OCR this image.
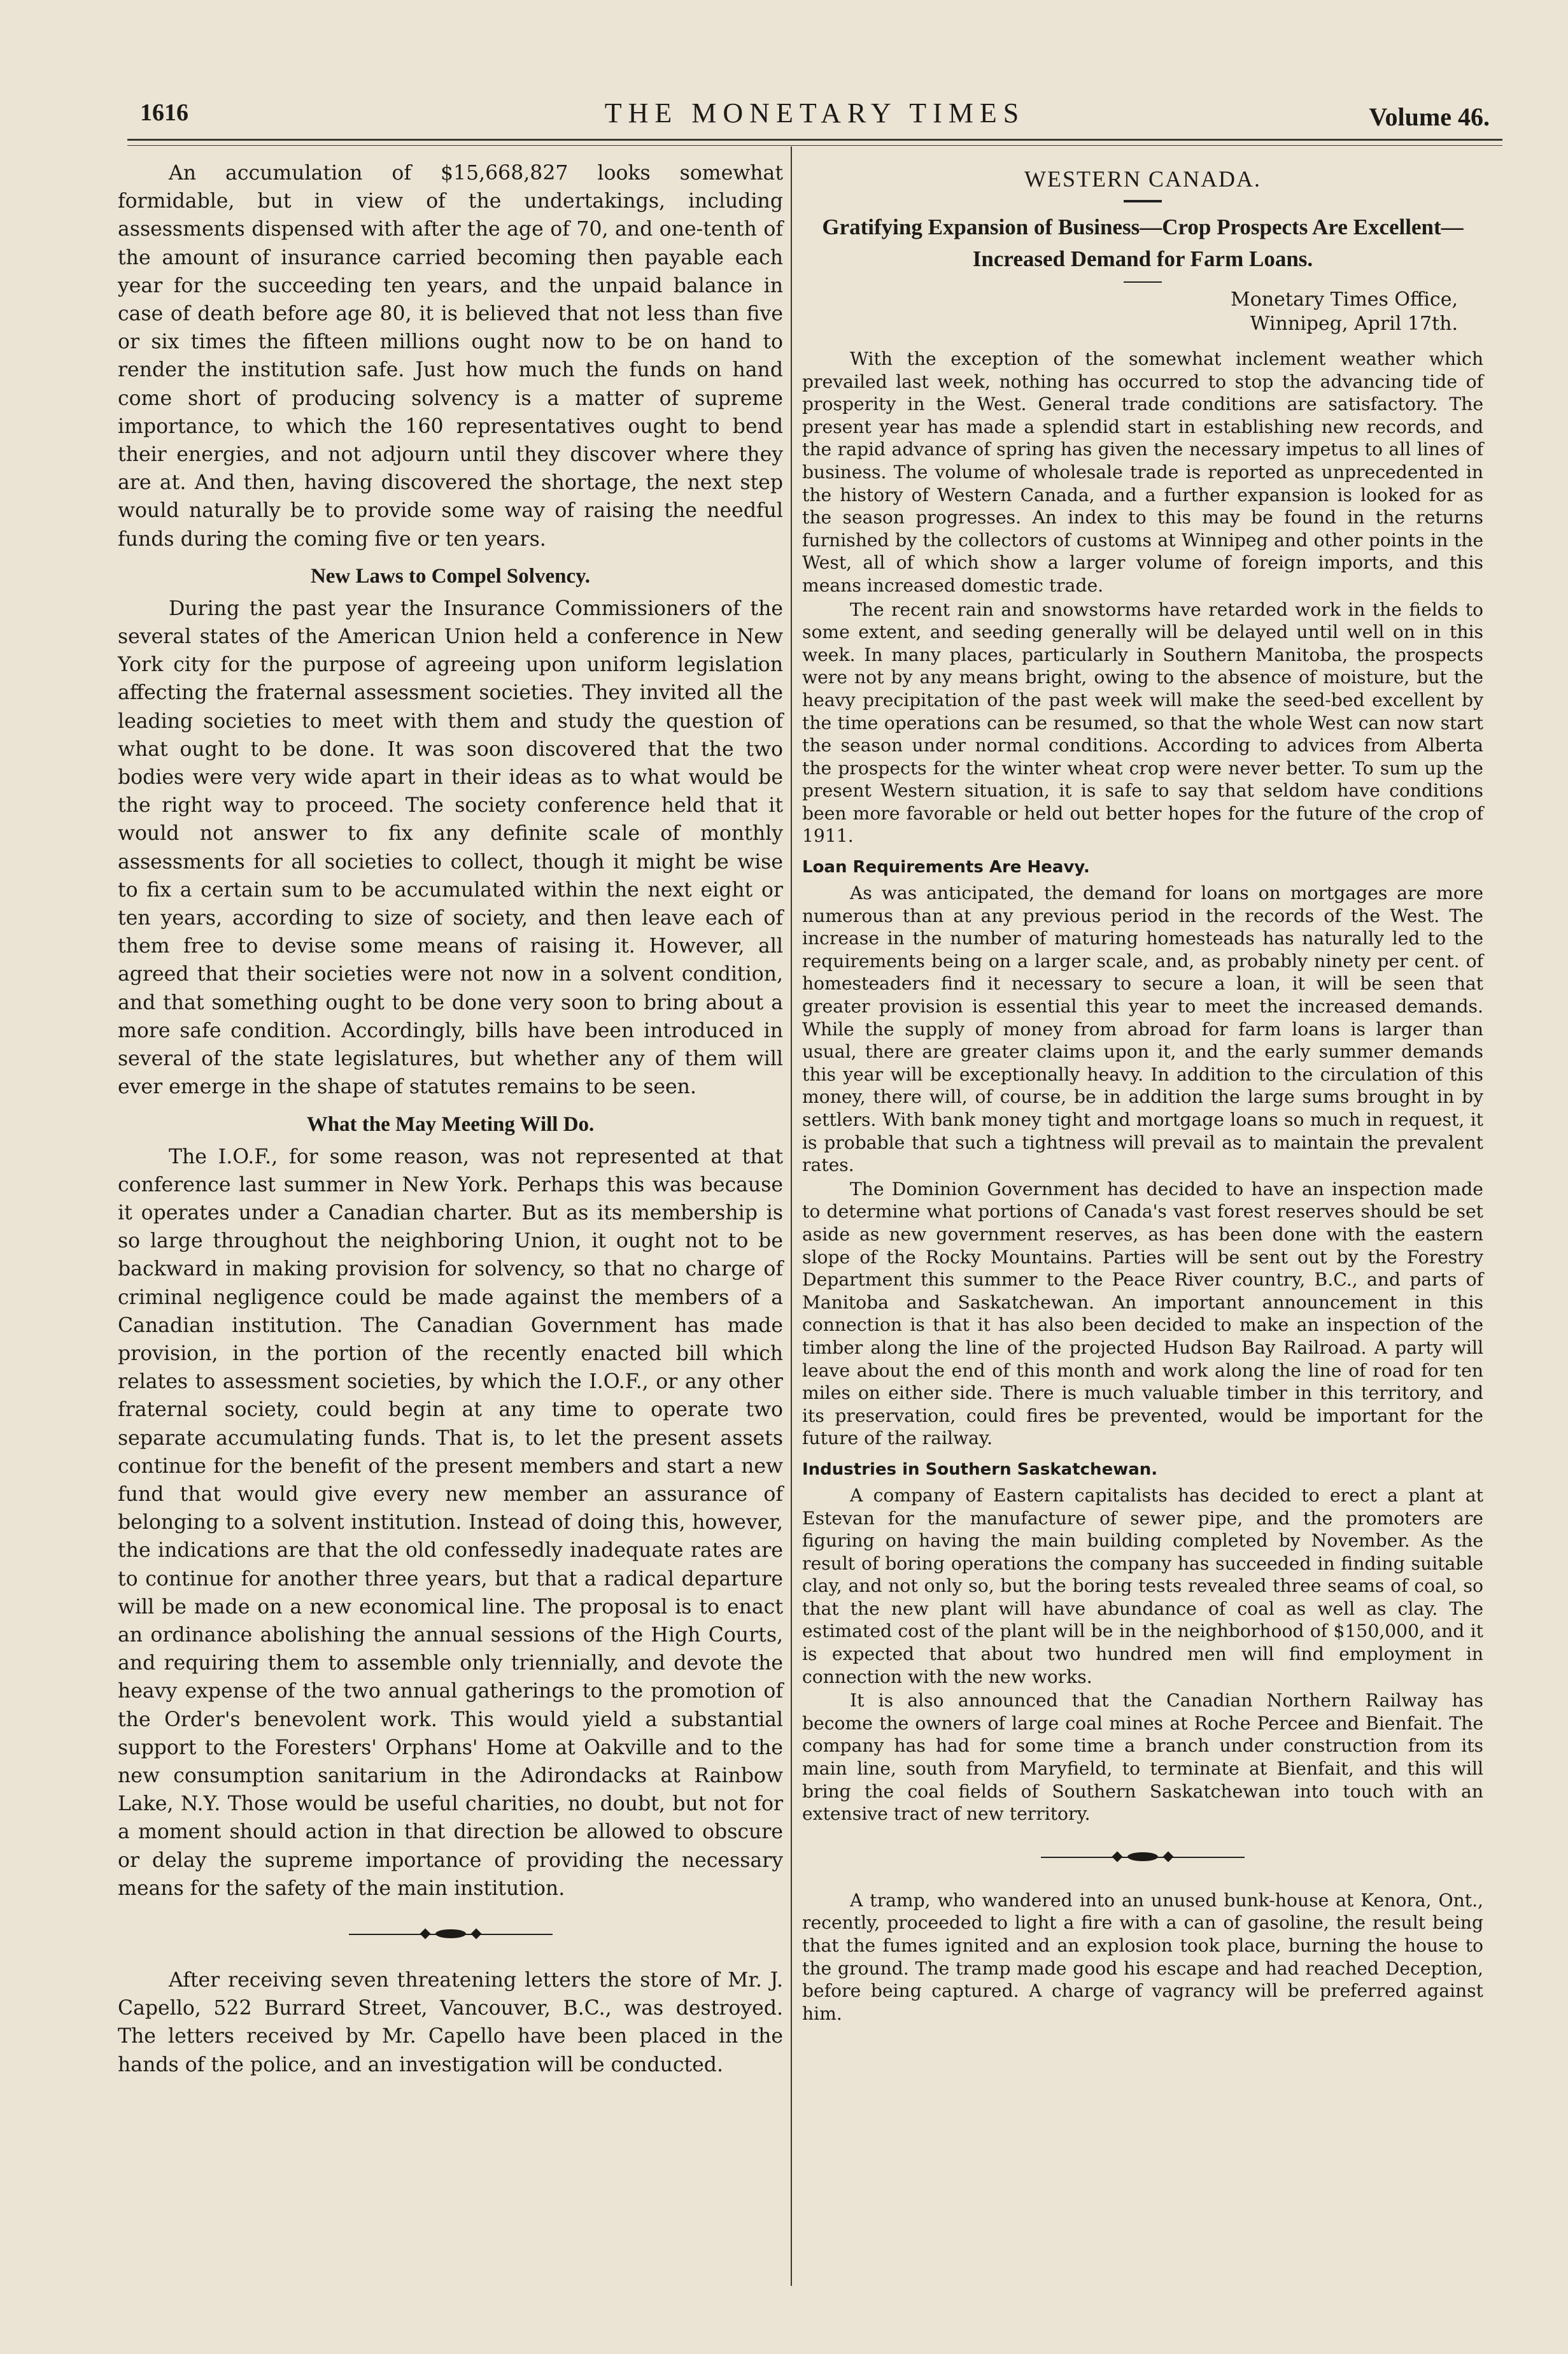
1616	THE MONETARY TIMES	Volume 46.

An accumulation of $15,668,827 looks somewhat formidable, but in view of the undertakings, including assessments dispensed with after the age of 70, and one-tenth of the amount of insurance carried becoming then payable each year for the succeeding ten years, and the unpaid balance in case of death before age 80, it is believed that not less than five or six times the fifteen millions ought now to be on hand to render the institution safe. Just how much the funds on hand come short of producing solvency is a matter of supreme importance, to which the 160 representatives ought to bend their energies, and not adjourn until they discover where they are at. And then, having discovered the shortage, the next step would naturally be to provide some way of raising the needful funds during the coming five or ten years.

New Laws to Compel Solvency.

During the past year the Insurance Commissioners of the several states of the American Union held a conference in New York city for the purpose of agreeing upon uniform legislation affecting the fraternal assessment societies. They invited all the leading societies to meet with them and study the question of what ought to be done. It was soon discovered that the two bodies were very wide apart in their ideas as to what would be the right way to proceed. The society conference held that it would not answer to fix any definite scale of monthly assessments for all societies to collect, though it might be wise to fix a certain sum to be accumulated within the next eight or ten years, according to size of society, and then leave each of them free to devise some means of raising it. However, all agreed that their societies were not now in a solvent condition, and that something ought to be done very soon to bring about a more safe condition. Accordingly, bills have been introduced in several of the state legislatures, but whether any of them will ever emerge in the shape of statutes remains to be seen.

What the May Meeting Will Do.

The I.O.F., for some reason, was not represented at that conference last summer in New York. Perhaps this was because it operates under a Canadian charter. But as its membership is so large throughout the neighboring Union, it ought not to be backward in making provision for solvency, so that no charge of criminal negligence could be made against the members of a Canadian institution. The Canadian Government has made provision, in the portion of the recently enacted bill which relates to assessment societies, by which the I.O.F., or any other fraternal society, could begin at any time to operate two separate accumulating funds. That is, to let the present assets continue for the benefit of the present members and start a new fund that would give every new member an assurance of belonging to a solvent institution. Instead of doing this, however, the indications are that the old confessedly inadequate rates are to continue for another three years, but that a radical departure will be made on a new economical line. The proposal is to enact an ordinance abolishing the annual sessions of the High Courts, and requiring them to assemble only triennially, and devote the heavy expense of the two annual gatherings to the promotion of the Order's benevolent work. This would yield a substantial support to the Foresters' Orphans' Home at Oakville and to the new consumption sanitarium in the Adirondacks at Rainbow Lake, N.Y. Those would be useful charities, no doubt, but not for a moment should action in that direction be allowed to obscure or delay the supreme importance of providing the necessary means for the safety of the main institution.

After receiving seven threatening letters the store of Mr. J. Capello, 522 Burrard Street, Vancouver, B.C., was destroyed. The letters received by Mr. Capello have been placed in the hands of the police, and an investigation will be conducted.

WESTERN CANADA.
Gratifying Expansion of Business—Crop Prospects Are Excellent—Increased Demand for Farm Loans.
Monetary Times Office,
Winnipeg, April 17th.

With the exception of the somewhat inclement weather which prevailed last week, nothing has occurred to stop the advancing tide of prosperity in the West. General trade conditions are satisfactory. The present year has made a splendid start in establishing new records, and the rapid advance of spring has given the necessary impetus to all lines of business. The volume of wholesale trade is reported as unprecedented in the history of Western Canada, and a further expansion is looked for as the season progresses. An index to this may be found in the returns furnished by the collectors of customs at Winnipeg and other points in the West, all of which show a larger volume of foreign imports, and this means increased domestic trade.

The recent rain and snowstorms have retarded work in the fields to some extent, and seeding generally will be delayed until well on in this week. In many places, particularly in Southern Manitoba, the prospects were not by any means bright, owing to the absence of moisture, but the heavy precipitation of the past week will make the seed-bed excellent by the time operations can be resumed, so that the whole West can now start the season under normal conditions. According to advices from Alberta the prospects for the winter wheat crop were never better. To sum up the present Western situation, it is safe to say that seldom have conditions been more favorable or held out better hopes for the future of the crop of 1911.

Loan Requirements Are Heavy.

As was anticipated, the demand for loans on mortgages are more numerous than at any previous period in the records of the West. The increase in the number of maturing homesteads has naturally led to the requirements being on a larger scale, and, as probably ninety per cent. of homesteaders find it necessary to secure a loan, it will be seen that greater provision is essential this year to meet the increased demands. While the supply of money from abroad for farm loans is larger than usual, there are greater claims upon it, and the early summer demands this year will be exceptionally heavy. In addition to the circulation of this money, there will, of course, be in addition the large sums brought in by settlers. With bank money tight and mortgage loans so much in request, it is probable that such a tightness will prevail as to maintain the prevalent rates.

The Dominion Government has decided to have an inspection made to determine what portions of Canada's vast forest reserves should be set aside as new government reserves, as has been done with the eastern slope of the Rocky Mountains. Parties will be sent out by the Forestry Department this summer to the Peace River country, B.C., and parts of Manitoba and Saskatchewan. An important announcement in this connection is that it has also been decided to make an inspection of the timber along the line of the projected Hudson Bay Railroad. A party will leave about the end of this month and work along the line of road for ten miles on either side. There is much valuable timber in this territory, and its preservation, could fires be prevented, would be important for the future of the railway.

Industries in Southern Saskatchewan.

A company of Eastern capitalists has decided to erect a plant at Estevan for the manufacture of sewer pipe, and the promoters are figuring on having the main building completed by November. As the result of boring operations the company has succeeded in finding suitable clay, and not only so, but the boring tests revealed three seams of coal, so that the new plant will have abundance of coal as well as clay. The estimated cost of the plant will be in the neighborhood of $150,000, and it is expected that about two hundred men will find employment in connection with the new works.

It is also announced that the Canadian Northern Railway has become the owners of large coal mines at Roche Percee and Bienfait. The company has had for some time a branch under construction from its main line, south from Maryfield, to terminate at Bienfait, and this will bring the coal fields of Southern Saskatchewan into touch with an extensive tract of new territory.

A tramp, who wandered into an unused bunk-house at Kenora, Ont., recently, proceeded to light a fire with a can of gasoline, the result being that the fumes ignited and an explosion took place, burning the house to the ground. The tramp made good his escape and had reached Deception, before being captured. A charge of vagrancy will be preferred against him.
